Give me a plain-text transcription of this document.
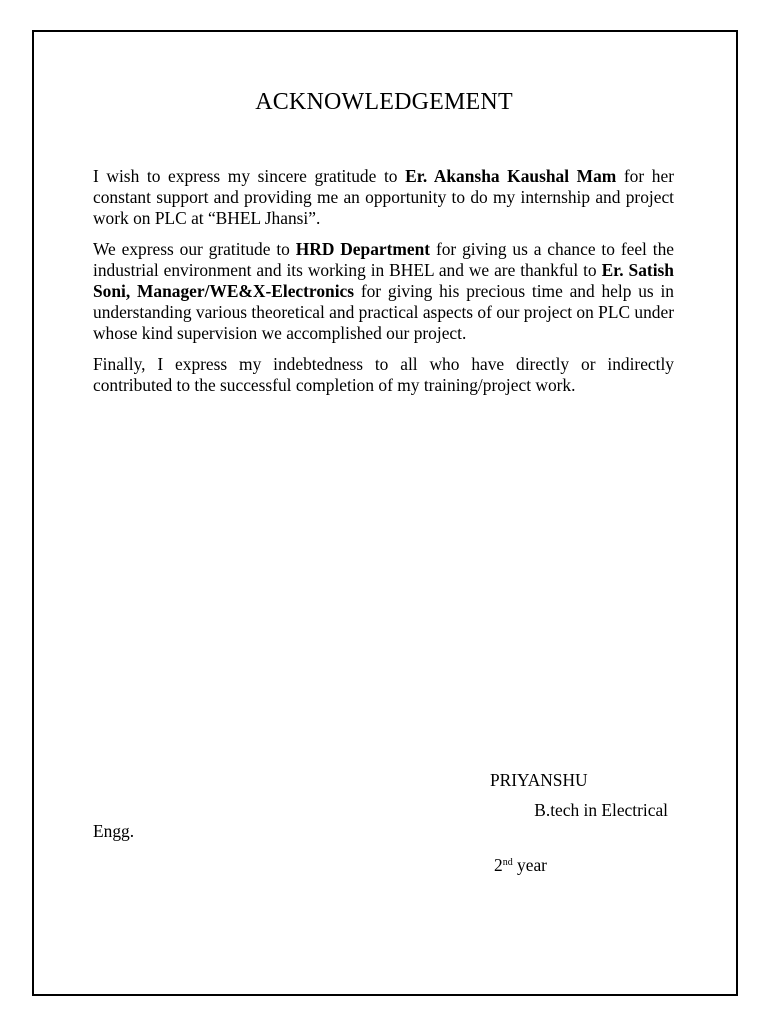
ACKNOWLEDGEMENT

I wish to express my sincere gratitude to Er. Akansha Kaushal Mam for her constant support and providing me an opportunity to do my internship and project work on PLC at “BHEL Jhansi”.

We express our gratitude to HRD Department for giving us a chance to feel the industrial environment and its working in BHEL and we are thankful to Er. Satish Soni, Manager/WE&X-Electronics for giving his precious time and help us in understanding various theoretical and practical aspects of our project on PLC under whose kind supervision we accomplished our project.

Finally, I express my indebtedness to all who have directly or indirectly contributed to the successful completion of my training/project work.

PRIYANSHU
B.tech in Electrical
Engg.
2nd year
